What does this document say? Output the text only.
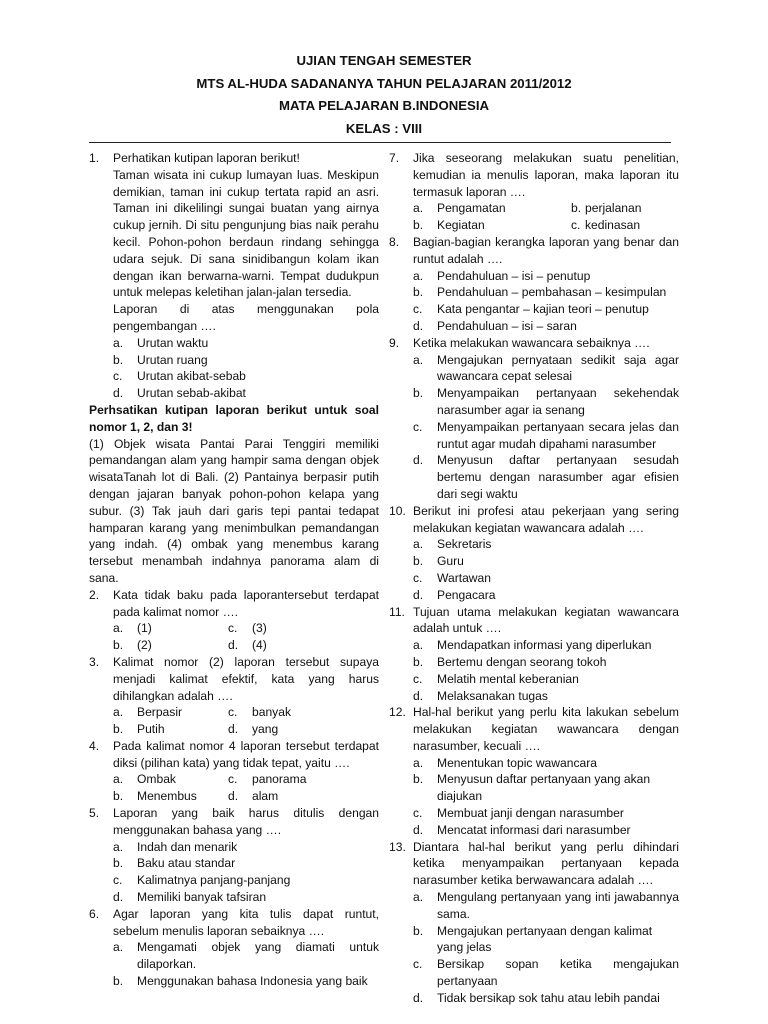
UJIAN TENGAH SEMESTER
MTS AL-HUDA SADANANYA TAHUN PELAJARAN 2011/2012
MATA PELAJARAN B.INDONESIA
KELAS : VIII
1.	Perhatikan kutipan laporan berikut!
Taman wisata ini cukup lumayan luas. Meskipun demikian, taman ini cukup tertata rapid an asri. Taman ini dikelilingi sungai buatan yang airnya cukup jernih. Di situ pengunjung bias naik perahu kecil. Pohon-pohon berdaun rindang sehingga udara sejuk. Di sana sinidibangun kolam ikan dengan ikan berwarna-warni. Tempat dudukpun untuk melepas keletihan jalan-jalan tersedia.
Laporan di atas menggunakan pola pengembangan ….
a.	Urutan waktu
b.	Urutan ruang
c.	Urutan akibat-sebab
d.	Urutan sebab-akibat
Perhsatikan kutipan laporan berikut untuk soal nomor 1, 2, dan 3!
(1) Objek wisata Pantai Parai Tenggiri memiliki pemandangan alam yang hampir sama dengan objek wisataTanah lot di Bali. (2) Pantainya berpasir putih dengan jajaran banyak pohon-pohon kelapa yang subur. (3) Tak jauh dari garis tepi pantai tedapat hamparan karang yang menimbulkan pemandangan yang indah. (4) ombak yang menembus karang tersebut menambah indahnya panorama alam di sana.
2.	Kata tidak baku pada laporantersebut terdapat pada kalimat nomor ….
a.	(1)	c.	(3)
b.	(2)	d.	(4)
3.	Kalimat nomor (2) laporan tersebut supaya menjadi kalimat efektif, kata yang harus dihilangkan adalah ….
a.	Berpasir	c.	banyak
b.	Putih	d.	yang
4.	Pada kalimat nomor 4 laporan tersebut terdapat diksi (pilihan kata) yang tidak tepat, yaitu ….
a.	Ombak	c.	panorama
b.	Menembus	d.	alam
5.	Laporan yang baik harus ditulis dengan menggunakan bahasa yang ….
a.	Indah dan menarik
b.	Baku atau standar
c.	Kalimatnya panjang-panjang
d.	Memiliki banyak tafsiran
6.	Agar laporan yang kita tulis dapat runtut, sebelum menulis laporan sebaiknya ….
a.	Mengamati objek yang diamati untuk dilaporkan.
b.	Menggunakan bahasa Indonesia yang baik
7.	Jika seseorang melakukan suatu penelitian, kemudian ia menulis laporan, maka laporan itu termasuk laporan ….
a.	Pengamatan	b. perjalanan
b.	Kegiatan	c. kedinasan
8.	Bagian-bagian kerangka laporan yang benar dan runtut adalah ….
a.	Pendahuluan – isi – penutup
b.	Pendahuluan – pembahasan – kesimpulan
c.	Kata pengantar – kajian teori – penutup
d.	Pendahuluan – isi – saran
9.	Ketika melakukan wawancara sebaiknya ….
a.	Mengajukan pernyataan sedikit saja agar wawancara cepat selesai
b.	Menyampaikan pertanyaan sekehendak narasumber agar ia senang
c.	Menyampaikan pertanyaan secara jelas dan runtut agar mudah dipahami narasumber
d.	Menyusun daftar pertanyaan sesudah bertemu dengan narasumber agar efisien dari segi waktu
10. Berikut ini profesi atau pekerjaan yang sering melakukan kegiatan wawancara adalah ….
a.	Sekretaris
b.	Guru
c.	Wartawan
d.	Pengacara
11. Tujuan utama melakukan kegiatan wawancara adalah untuk ….
a.	Mendapatkan informasi yang diperlukan
b.	Bertemu dengan seorang tokoh
c.	Melatih mental keberanian
d.	Melaksanakan tugas
12. Hal-hal berikut yang perlu kita lakukan sebelum melakukan kegiatan wawancara dengan narasumber, kecuali ….
a.	Menentukan topic wawancara
b.	Menyusun daftar pertanyaan yang akan diajukan
c.	Membuat janji dengan narasumber
d.	Mencatat informasi dari narasumber
13. Diantara hal-hal berikut yang perlu dihindari ketika menyampaikan pertanyaan kepada narasumber ketika berwawancara adalah ….
a.	Mengulang pertanyaan yang inti jawabannya sama.
b.	Mengajukan pertanyaan dengan kalimat yang jelas
c.	Bersikap sopan ketika mengajukan pertanyaan
d.	Tidak bersikap sok tahu atau lebih pandai
